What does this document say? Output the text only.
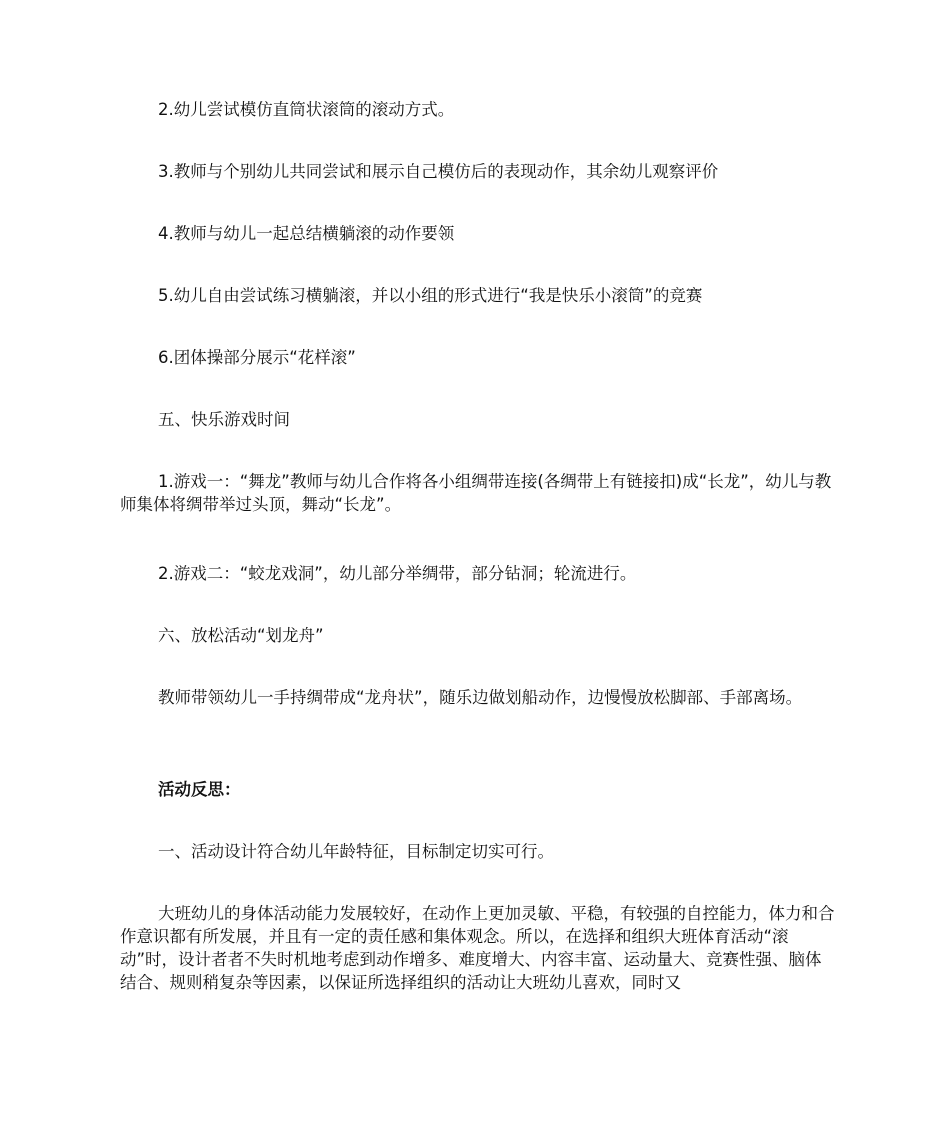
2.幼儿尝试模仿直筒状滚筒的滚动方式。

3.教师与个别幼儿共同尝试和展示自己模仿后的表现动作，其余幼儿观察评价

4.教师与幼儿一起总结横躺滚的动作要领

5.幼儿自由尝试练习横躺滚，并以小组的形式进行“我是快乐小滚筒”的竞赛

6.团体操部分展示“花样滚”

五、快乐游戏时间

1.游戏一：“舞龙”教师与幼儿合作将各小组绸带连接(各绸带上有链接扣)成“长龙”，幼儿与教师集体将绸带举过头顶，舞动“长龙”。

2.游戏二：“蛟龙戏洞”，幼儿部分举绸带，部分钻洞；轮流进行。

六、放松活动“划龙舟”

教师带领幼儿一手持绸带成“龙舟状”，随乐边做划船动作，边慢慢放松脚部、手部离场。

活动反思：

一、活动设计符合幼儿年龄特征，目标制定切实可行。

大班幼儿的身体活动能力发展较好，在动作上更加灵敏、平稳，有较强的自控能力，体力和合作意识都有所发展，并且有一定的责任感和集体观念。所以，在选择和组织大班体育活动“滚动”时，设计者者不失时机地考虑到动作增多、难度增大、内容丰富、运动量大、竞赛性强、脑体结合、规则稍复杂等因素，以保证所选择组织的活动让大班幼儿喜欢，同时又
